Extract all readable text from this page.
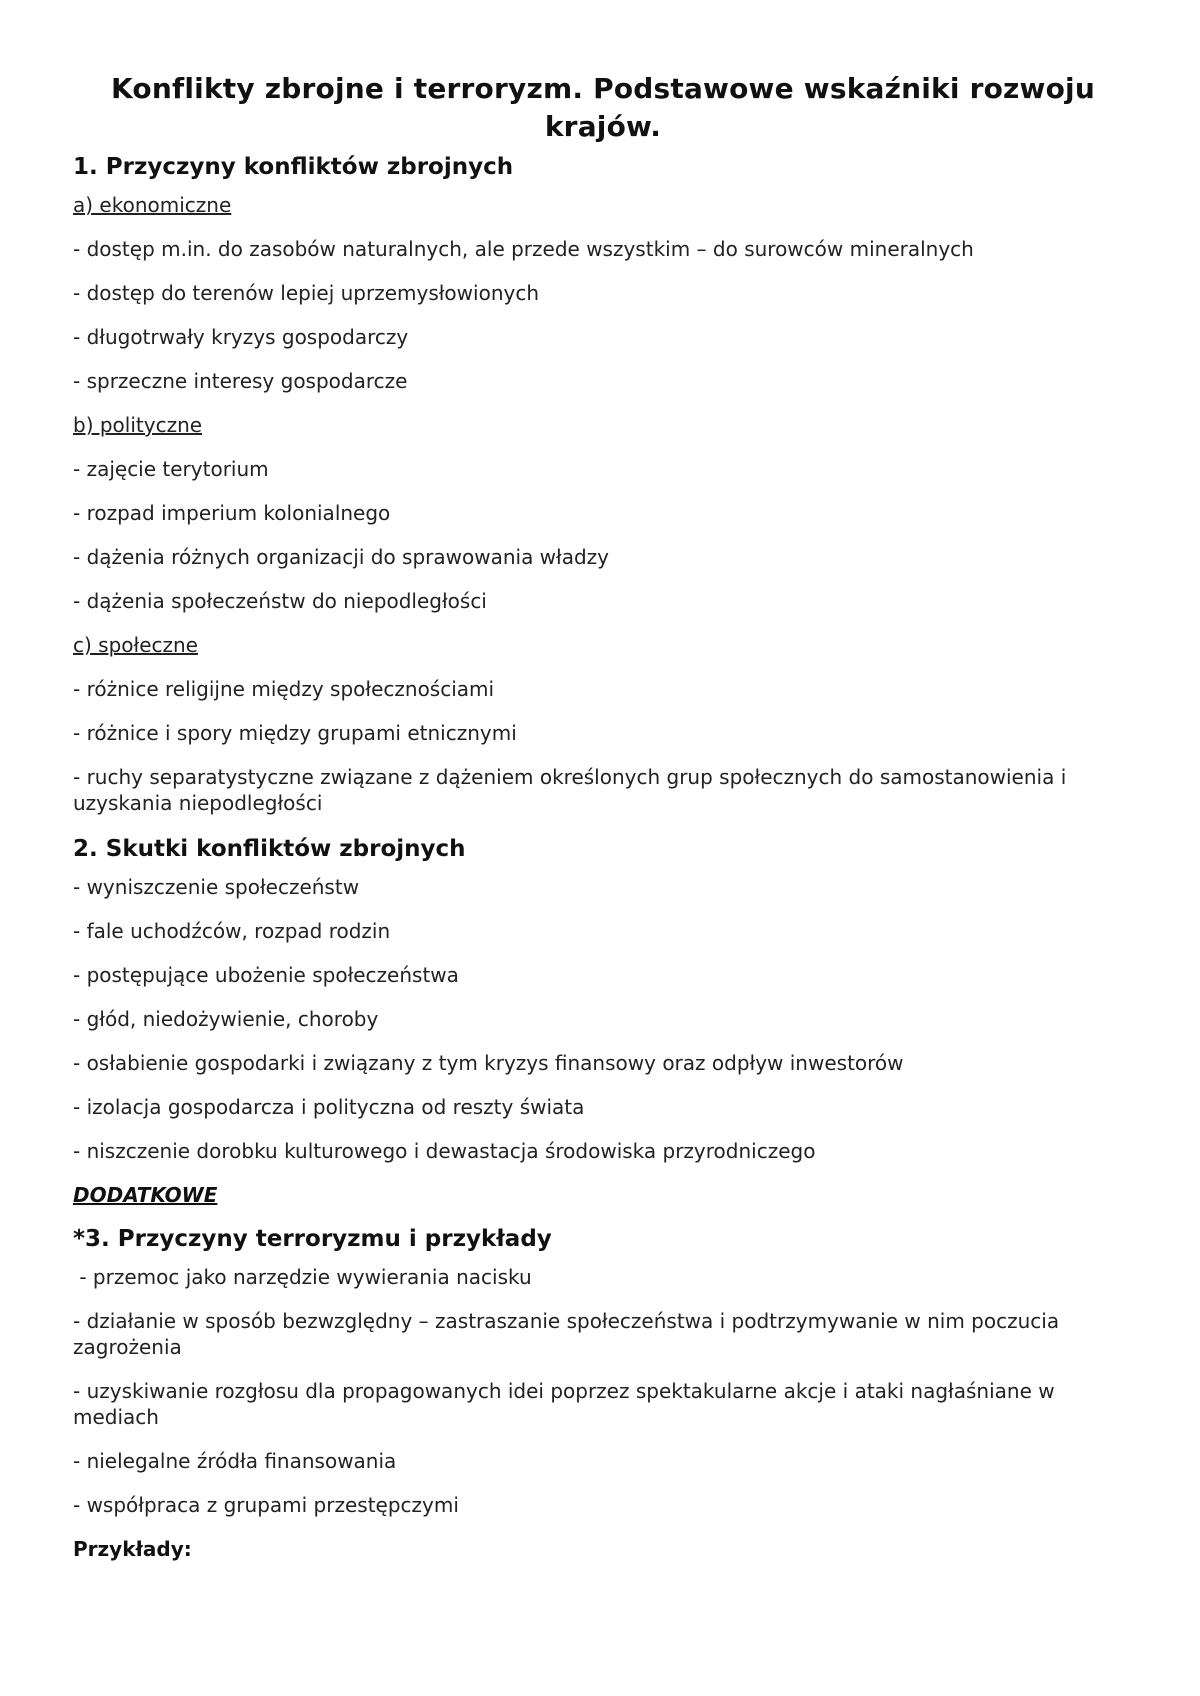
Konflikty zbrojne i terroryzm. Podstawowe wskaźniki rozwoju krajów.
1. Przyczyny konfliktów zbrojnych
a) ekonomiczne
- dostęp m.in. do zasobów naturalnych, ale przede wszystkim – do surowców mineralnych
- dostęp do terenów lepiej uprzemysłowionych
- długotrwały kryzys gospodarczy
- sprzeczne interesy gospodarcze
b) polityczne
- zajęcie terytorium
- rozpad imperium kolonialnego
- dążenia różnych organizacji do sprawowania władzy
- dążenia społeczeństw do niepodległości
c) społeczne
- różnice religijne między społecznościami
- różnice i spory między grupami etnicznymi
- ruchy separatystyczne związane z dążeniem określonych grup społecznych do samostanowienia i uzyskania niepodległości
2. Skutki konfliktów zbrojnych
- wyniszczenie społeczeństw
- fale uchodźców, rozpad rodzin
- postępujące ubożenie społeczeństwa
- głód, niedożywienie, choroby
- osłabienie gospodarki i związany z tym kryzys finansowy oraz odpływ inwestorów
- izolacja gospodarcza i polityczna od reszty świata
- niszczenie dorobku kulturowego i dewastacja środowiska przyrodniczego
DODATKOWE
*3. Przyczyny terroryzmu i przykłady
- przemoc jako narzędzie wywierania nacisku
- działanie w sposób bezwzględny – zastraszanie społeczeństwa i podtrzymywanie w nim poczucia zagrożenia
- uzyskiwanie rozgłosu dla propagowanych idei poprzez spektakularne akcje i ataki nagłaśniane w mediach
- nielegalne źródła finansowania
- współpraca z grupami przestępczymi
Przykłady:
